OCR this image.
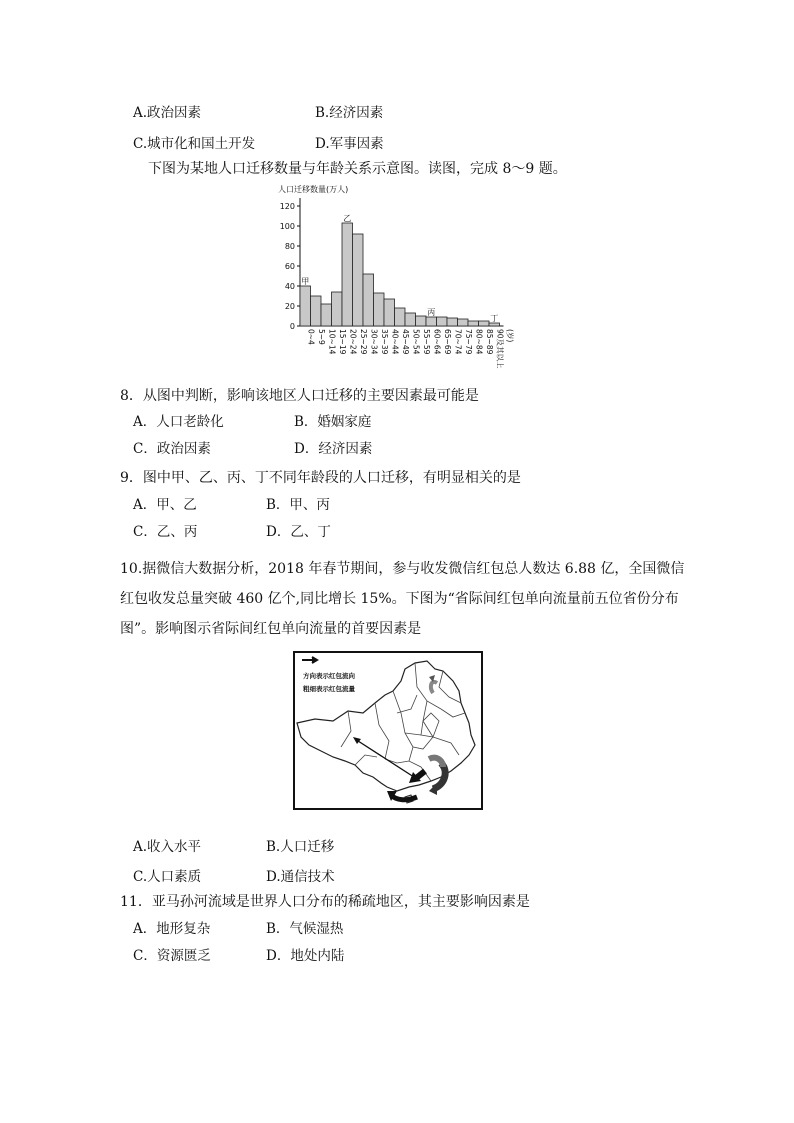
A.政治因素	B.经济因素
C.城市化和国土开发	D.军事因素
下图为某地人口迁移数量与年龄关系示意图。读图，完成 8～9 题。
人口迁移数量(万人)
0
20
40
60
80
100
120
0~4
甲
5~9 10~14 15~19 20~24
乙
25~29 30~34 35~39 40~44 45~49 50~54 55~59 60~64
丙
65~69 70~74 75~79 80~84 85~89 90及其以上
丁
(岁)
8．从图中判断，影响该地区人口迁移的主要因素最可能是
A．人口老龄化	B．婚姻家庭
C．政治因素	D．经济因素
9．图中甲、乙、丙、丁不同年龄段的人口迁移，有明显相关的是
A．甲、乙	B．甲、丙
C．乙、丙	D．乙、丁
10.据微信大数据分析，2018 年春节期间，参与收发微信红包总人数达 6.88 亿，全国微信
红包收发总量突破 460 亿个,同比增长 15%。下图为“省际间红包单向流量前五位省份分布
图”。影响图示省际间红包单向流量的首要因素是
方向表示红包流向
粗细表示红包流量
A.收入水平	B.人口迁移
C.人口素质	D.通信技术
11．亚马孙河流域是世界人口分布的稀疏地区，其主要影响因素是
A．地形复杂	B．气候湿热
C．资源匮乏	D．地处内陆
